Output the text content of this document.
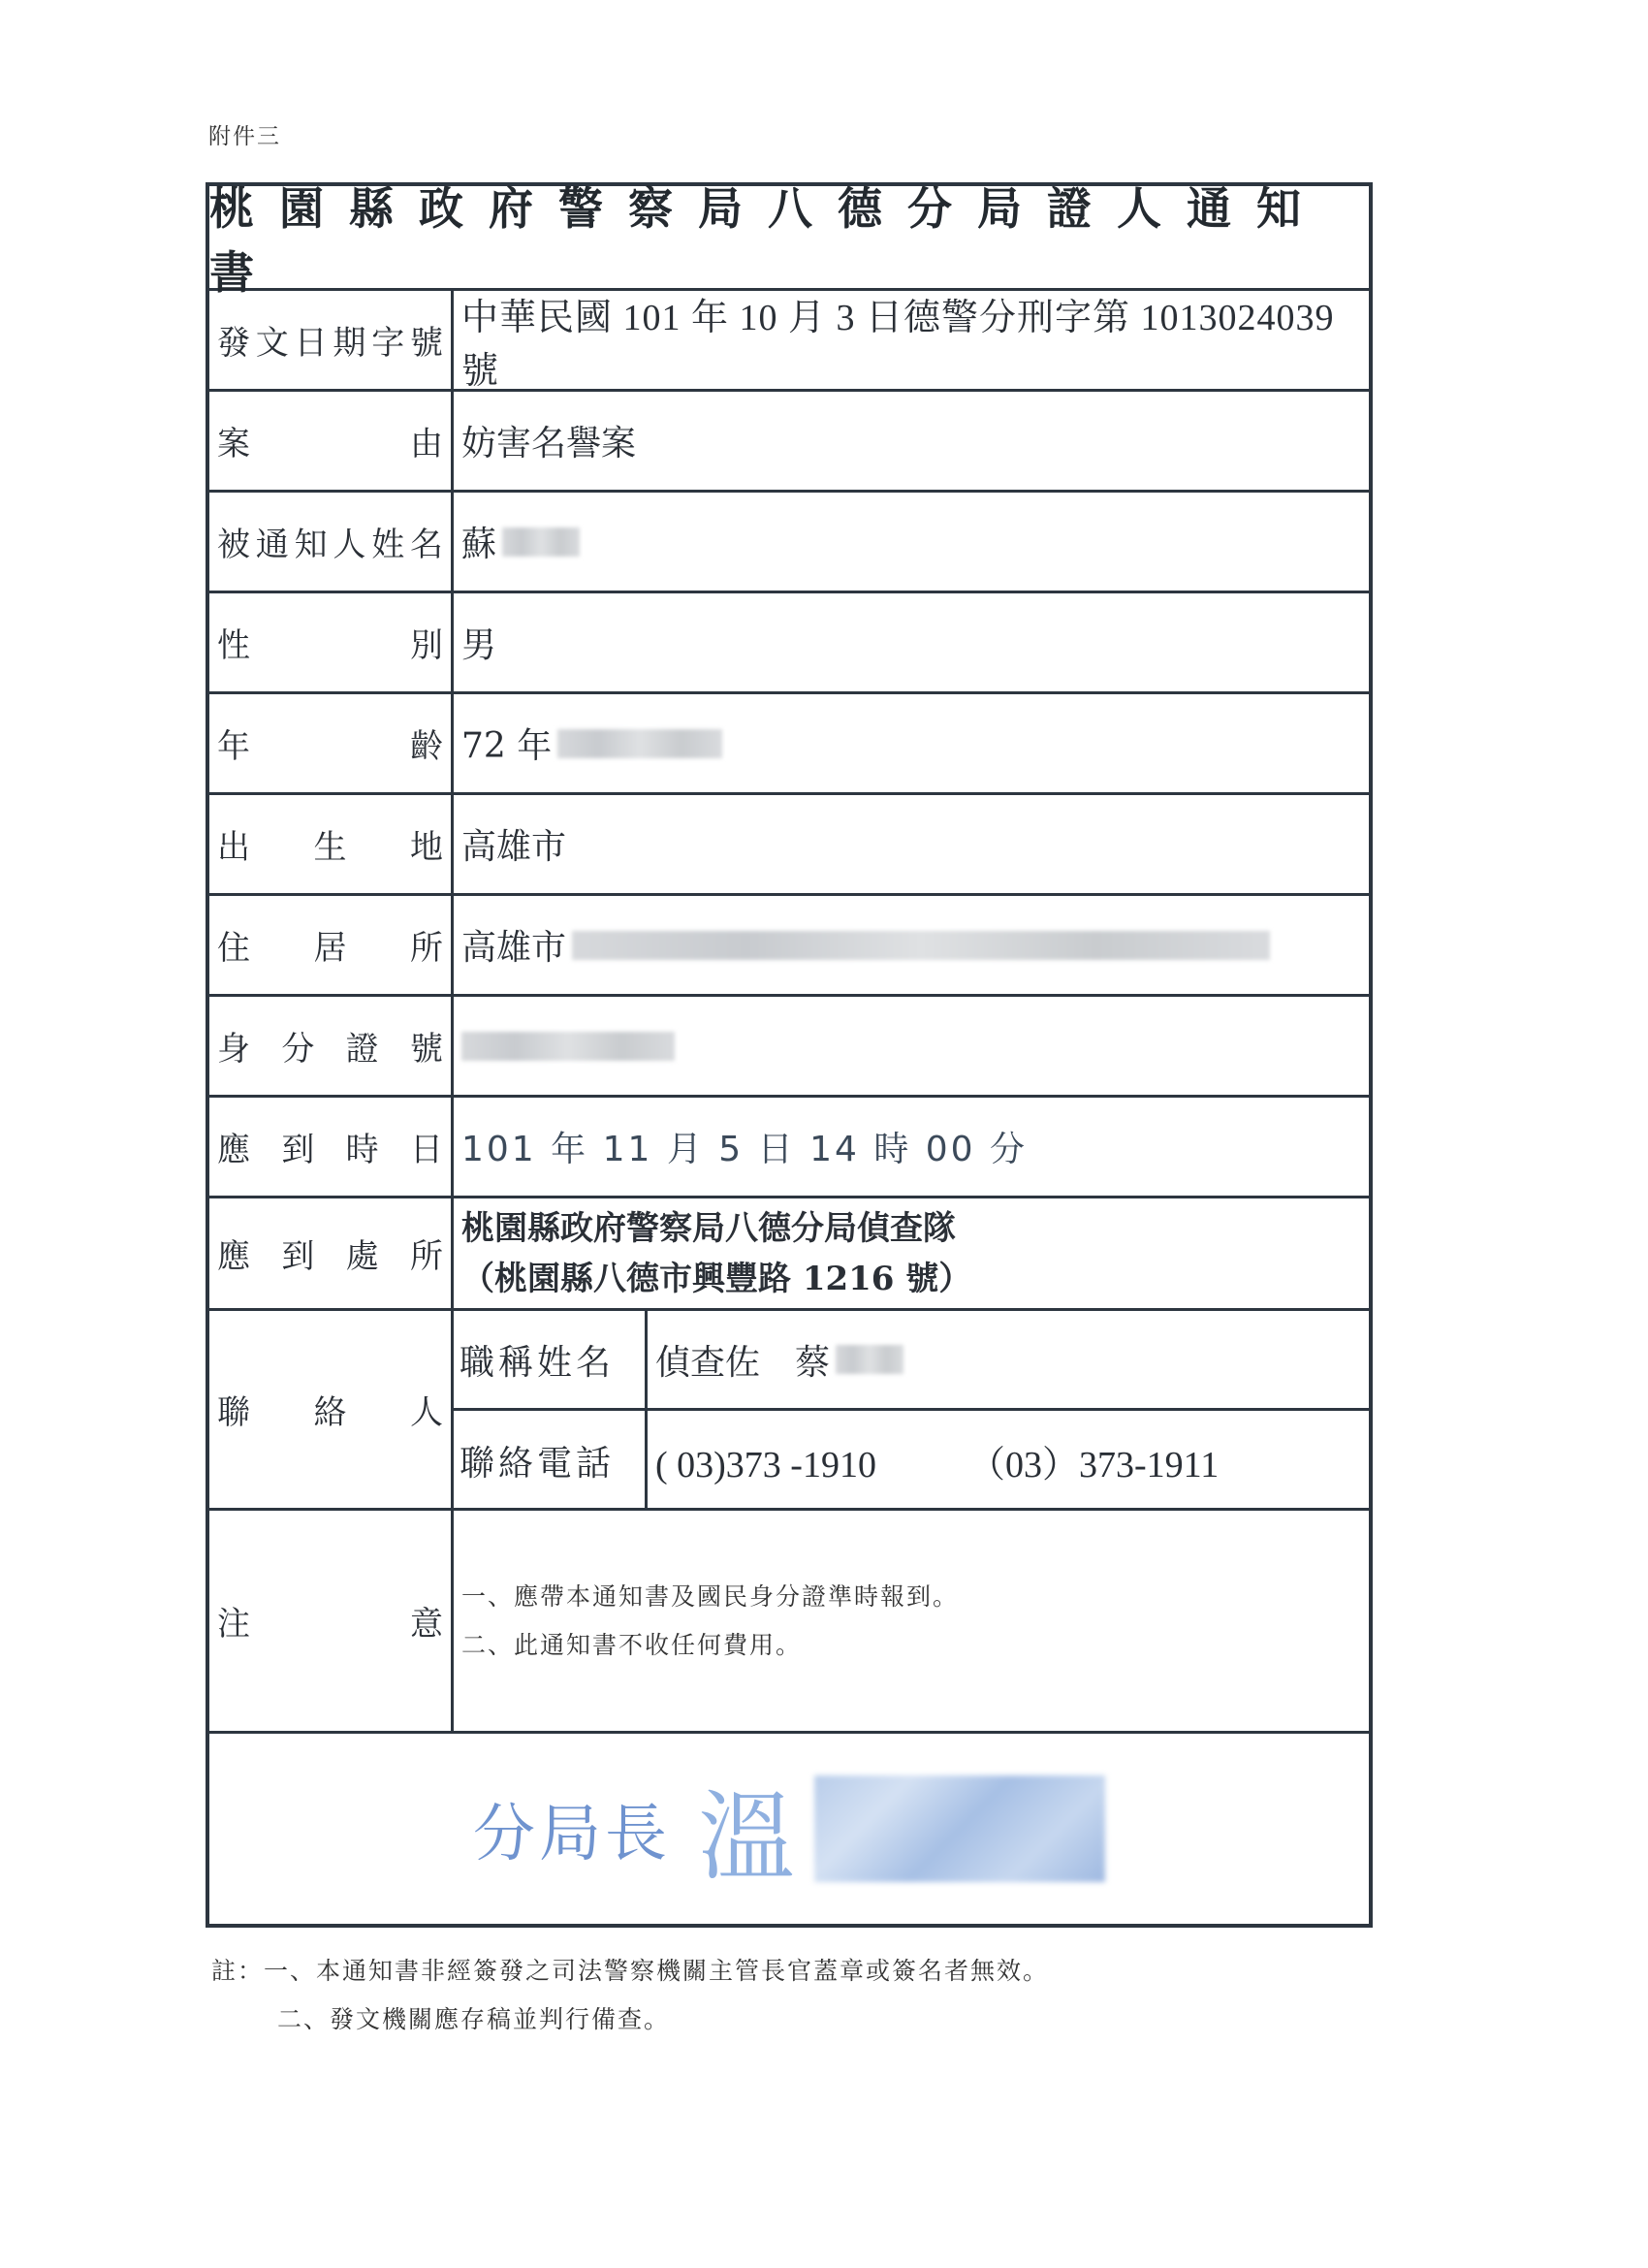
附件三
桃園縣政府警察局八德分局證人通知書
發文日期字號
中華民國 101 年 10 月 3 日德警分刑字第 1013024039 號
案由 妨害名譽案
被通知人姓名 蘇
性別 男
年齡 72 年
出生地 高雄市
住居所 高雄市
身分證號
應到時日 101 年 11 月 5 日 14 時 00 分
應到處所
桃園縣政府警察局八德分局偵查隊
（桃園縣八德市興豐路 1216 號）
聯絡人
職稱姓名	偵查佐　蔡
聯絡電話	( 03)373 -1910　　　（03）373-1911
注意
一、應帶本通知書及國民身分證準時報到。
二、此通知書不收任何費用。
分局長 溫
註：一、本通知書非經簽發之司法警察機關主管長官蓋章或簽名者無效。
二、發文機關應存稿並判行備查。
